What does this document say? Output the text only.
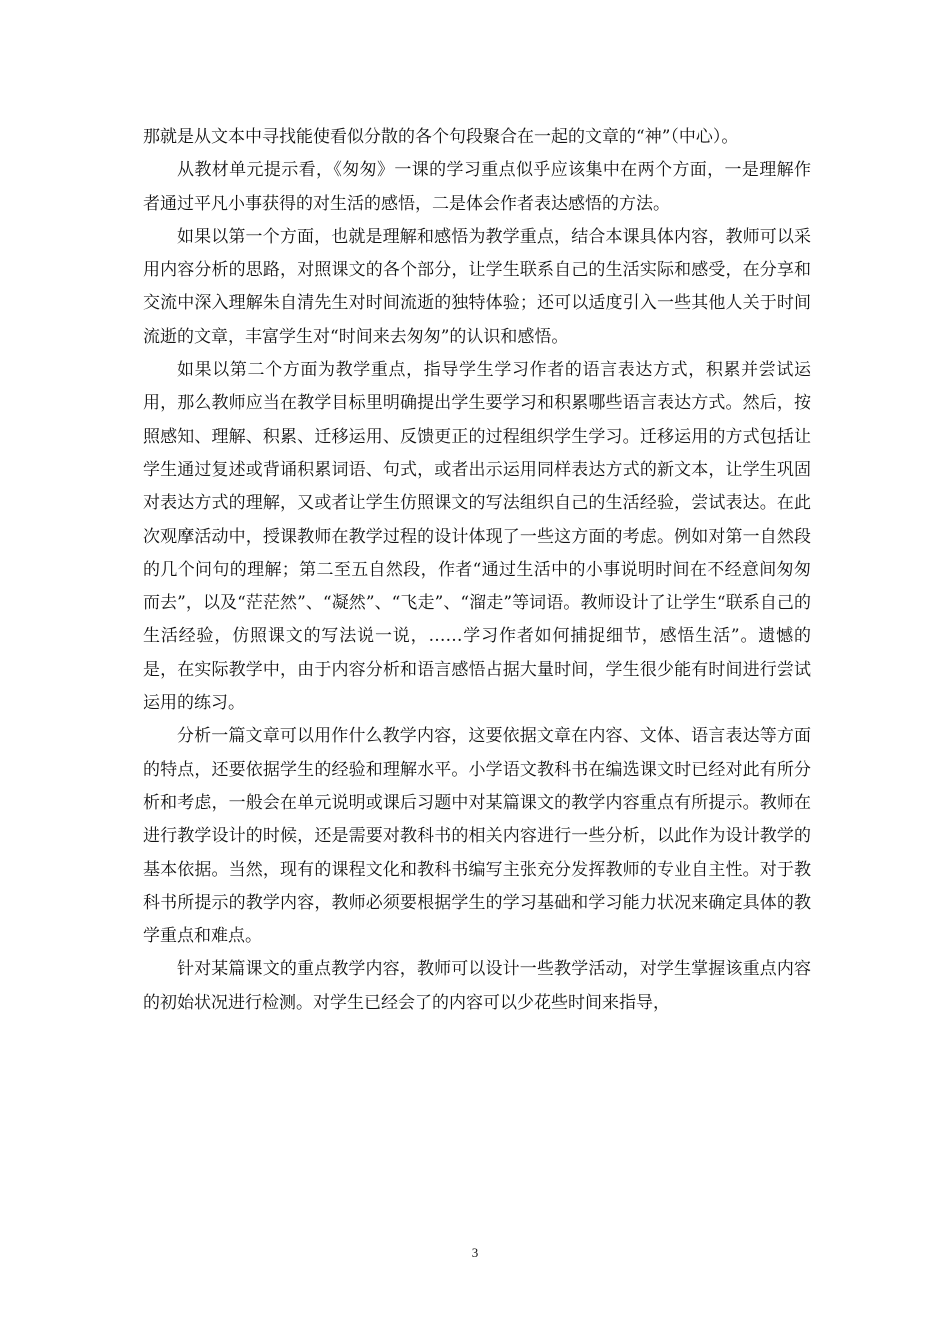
那就是从文本中寻找能使看似分散的各个句段聚合在一起的文章的“神”（中心）。

从教材单元提示看，《匆匆》一课的学习重点似乎应该集中在两个方面，一是理解作者通过平凡小事获得的对生活的感悟，二是体会作者表达感悟的方法。

如果以第一个方面，也就是理解和感悟为教学重点，结合本课具体内容，教师可以采用内容分析的思路，对照课文的各个部分，让学生联系自己的生活实际和感受，在分享和交流中深入理解朱自清先生对时间流逝的独特体验；还可以适度引入一些其他人关于时间流逝的文章，丰富学生对“时间来去匆匆”的认识和感悟。

如果以第二个方面为教学重点，指导学生学习作者的语言表达方式，积累并尝试运用，那么教师应当在教学目标里明确提出学生要学习和积累哪些语言表达方式。然后，按照感知、理解、积累、迁移运用、反馈更正的过程组织学生学习。迁移运用的方式包括让学生通过复述或背诵积累词语、句式，或者出示运用同样表达方式的新文本，让学生巩固对表达方式的理解，又或者让学生仿照课文的写法组织自己的生活经验，尝试表达。在此次观摩活动中，授课教师在教学过程的设计体现了一些这方面的考虑。例如对第一自然段的几个问句的理解；第二至五自然段，作者“通过生活中的小事说明时间在不经意间匆匆而去”，以及“茫茫然”、“凝然”、“飞走”、“溜走”等词语。教师设计了让学生“联系自己的生活经验，仿照课文的写法说一说，……学习作者如何捕捉细节，感悟生活”。遗憾的是，在实际教学中，由于内容分析和语言感悟占据大量时间，学生很少能有时间进行尝试运用的练习。

分析一篇文章可以用作什么教学内容，这要依据文章在内容、文体、语言表达等方面的特点，还要依据学生的经验和理解水平。小学语文教科书在编选课文时已经对此有所分析和考虑，一般会在单元说明或课后习题中对某篇课文的教学内容重点有所提示。教师在进行教学设计的时候，还是需要对教科书的相关内容进行一些分析，以此作为设计教学的基本依据。当然，现有的课程文化和教科书编写主张充分发挥教师的专业自主性。对于教科书所提示的教学内容，教师必须要根据学生的学习基础和学习能力状况来确定具体的教学重点和难点。

针对某篇课文的重点教学内容，教师可以设计一些教学活动，对学生掌握该重点内容的初始状况进行检测。对学生已经会了的内容可以少花些时间来指导，

3
